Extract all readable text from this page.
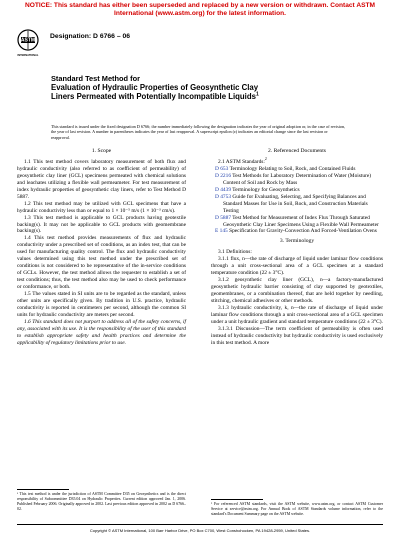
NOTICE: This standard has either been superseded and replaced by a new version or withdrawn. Contact ASTM
International (www.astm.org) for the latest information.
ASTM
INTERNATIONAL
Designation: D 6766 – 06
Standard Test Method for
Evaluation of Hydraulic Properties of Geosynthetic Clay
Liners Permeated with Potentially Incompatible Liquids$^1$
This standard is issued under the fixed designation D 6766; the number immediately following the designation indicates the year of original adoption or, in the case of revision, the year of last revision. A number in parentheses indicates the year of last reapproval. A superscript epsilon (ε) indicates an editorial change since the last revision or reapproval.
1. Scope

1.1 This test method covers laboratory measurement of both flux and hydraulic conductivity (also referred to as coefficient of permeability) of geosynthetic clay liner (GCL) specimens permeated with chemical solutions and leachates utilizing a flexible wall permeameter. For test measurement of index hydraulic properties of geosynthetic clay liners, refer to Test Method D 5887.

1.2 This test method may be utilized with GCL specimens that have a hydraulic conductivity less than or equal to 1 × 10⁻⁵ m/s (1 × 10⁻³ cm/s).

1.3 This test method is applicable to GCL products having geotextile backing(s). It may not be applicable to GCL products with geomembrane backing(s).

1.4 This test method provides measurements of flux and hydraulic conductivity under a prescribed set of conditions, as an index test, that can be used for manufacturing quality control. The flux and hydraulic conductivity values determined using this test method under the prescribed set of conditions is not considered to be representative of the in-service conditions of GCLs. However, the test method allows the requester to establish a set of test conditions; thus, the test method also may be used to check performance or conformance, or both.

1.5 The values stated in SI units are to be regarded as the standard, unless other units are specifically given. By tradition in U.S. practice, hydraulic conductivity is reported in centimeters per second, although the common SI units for hydraulic conductivity are meters per second.

1.6 This standard does not purport to address all of the safety concerns, if any, associated with its use. It is the responsibility of the user of this standard to establish appropriate safety and health practices and determine the applicability of regulatory limitations prior to use.

2. Referenced Documents

2.1 ASTM Standards:$^2$

D 653 Terminology Relating to Soil, Rock, and Contained Fluids

D 2216 Test Methods for Laboratory Determination of Water (Moisture) Content of Soil and Rock by Mass

D 4439 Terminology for Geosynthetics

D 4753 Guide for Evaluating, Selecting, and Specifying Balances and Standard Masses for Use in Soil, Rock, and Construction Materials Testing

D 5887 Test Method for Measurement of Index Flux Through Saturated Geosynthetic Clay Liner Specimens Using a Flexible Wall Permeameter

E 145 Specification for Gravity-Convection And Forced-Ventilation Ovens

3. Terminology

3.1 Definitions:

3.1.1 flux, n—the rate of discharge of liquid under laminar flow conditions through a unit cross-sectional area of a GCL specimen at a standard temperature condition (22 ± 3°C).

3.1.2 geosynthetic clay liner (GCL), n—a factory-manufactured geosynthetic hydraulic barrier consisting of clay supported by geotextiles, geomembranes, or a combination thereof, that are held together by needling, stitching, chemical adhesives or other methods.

3.1.3 hydraulic conductivity, k, n—the rate of discharge of liquid under laminar flow conditions through a unit cross-sectional area of a GCL specimen under a unit hydraulic gradient and standard temperature conditions (22 ± 3°C).

3.1.3.1 Discussion—The term coefficient of permeability is often used instead of hydraulic conductivity but hydraulic conductivity is used exclusively in this test method. A more

¹ This test method is under the jurisdiction of ASTM Committee D35 on Geosynthetics and is the direct responsibility of Subcommittee D35.04 on Hydraulic Properties. Current edition approved Jan. 1, 2006. Published February 2006. Originally approved in 2002. Last previous edition approved in 2002 as D 6766–02.
² For referenced ASTM standards, visit the ASTM website, www.astm.org, or contact ASTM Customer Service at service@astm.org. For Annual Book of ASTM Standards volume information, refer to the standard's Document Summary page on the ASTM website.
Copyright © ASTM International, 100 Barr Harbor Drive, PO Box C700, West Conshohocken, PA 19428-2959, United States.
